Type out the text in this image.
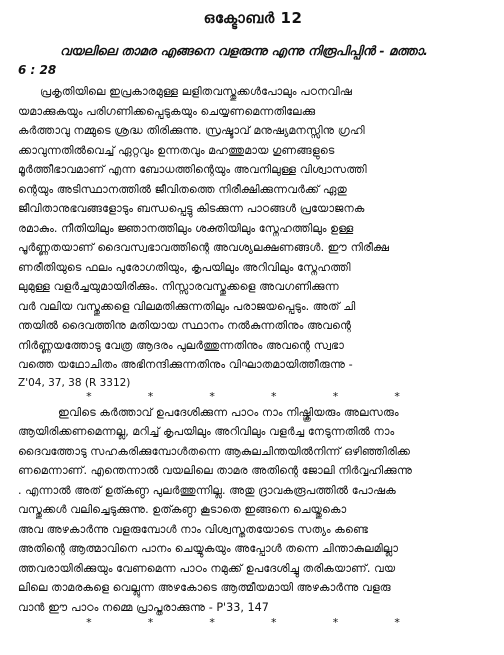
ഒക്ടോബർ 12
വയലിലെ താമര എങ്ങനെ വളരുന്നു എന്നു നിരൂപിപ്പിൻ - മത്താ.
6 : 28
പ്രകൃതിയിലെ ഇപ്രകാരമുള്ള ലളിതവസ്തുക്കൾപോലും പഠനവിഷ
യമാക്കുകയും പരിഗണിക്കപ്പെടുകയും ചെയ്യണമെന്നതിലേക്കു
കർത്താവു നമ്മുടെ ശ്രദ്ധ തിരിക്കുന്നു. സ്രഷ്ടാവ് മനുഷ്യമനസ്സിനു ഗ്രഹി
ക്കാവുന്നതിൽവെച്ച് ഏറ്റവും ഉന്നതവും മഹത്തുമായ ഗുണങ്ങളുടെ
മൂർത്തീഭാവമാണ് എന്ന ബോധത്തിന്റെയും അവനിലുള്ള വിശ്വാസത്തി
ന്റെയും അടിസ്ഥാനത്തിൽ ജീവിതത്തെ നിരീക്ഷിക്കുന്നവർക്ക് ഏതു
ജീവിതാനുഭവങ്ങളോടും ബന്ധപ്പെട്ടു കിടക്കുന്ന പാഠങ്ങൾ പ്രയോജനക
രമാകും. നീതിയിലും ജ്ഞാനത്തിലും ശക്തിയിലും സ്നേഹത്തിലും ഉള്ള
പൂർണ്ണതയാണ് ദൈവസ്വഭാവത്തിന്റെ അവശ്യലക്ഷണങ്ങൾ. ഈ നിരീക്ഷ
ണരീതിയുടെ ഫലം പുരോഗതിയും, കൃപയിലും അറിവിലും സ്നേഹത്തി
ലുമുള്ള വളർച്ചയുമായിരിക്കും. നിസ്സാരവസ്തുക്കളെ അവഗണിക്കുന്ന
വർ വലിയ വസ്തുക്കളെ വിലമതിക്കുന്നതിലും പരാജയപ്പെടും. അത് ചി
ന്തയിൽ ദൈവത്തിനു മതിയായ സ്ഥാനം നൽകുന്നതിനും അവന്റെ
നിർണ്ണയത്തോടു വേത്ര ആദരം പുലർത്തുന്നതിനും അവന്റെ സ്വഭാ
വത്തെ യഥോചിതം അഭിനന്ദിക്കുന്നതിനും വിഘാതമായിത്തീരുന്നു -
Z'04, 37, 38 (R 3312)
*	*	*	*	*	*
ഇവിടെ കർത്താവ് ഉപദേശിക്കുന്ന പാഠം നാം നിഷ്ക്രിയരും അലസരും
ആയിരിക്കണമെന്നല്ല, മറിച്ച് കൃപയിലും അറിവിലും വളർച്ച നേടുന്നതിൽ നാം
ദൈവത്തോടു സഹകരിക്കുമ്പോൾതന്നെ ആകുലചിന്തയിൽനിന്ന് ഒഴിഞ്ഞിരിക്ക
ണമെന്നാണ്. എന്തെന്നാൽ വയലിലെ താമര അതിന്റെ ജോലി നിർവ്വഹിക്കുന്നു
. എന്നാൽ അത് ഉത്കണ്ഠ പുലർത്തുന്നില്ല. അതു ദ്രാവകരൂപത്തിൽ പോഷക
വസ്തുക്കൾ വലിച്ചെടുക്കുന്നു. ഉത്കണ്ഠ കൂടാതെ ഇങ്ങനെ ചെയ്തുകൊ
അവ അഴകാർന്നു വളരുമ്പോൾ നാം വിശ്വസ്തതയോടെ സത്യം കണ്ടെ
അതിന്റെ ആത്മാവിനെ പാനം ചെയ്യുകയും അപ്പോൾ തന്നെ ചിന്താകുലമില്ലാ
ത്തവരായിരിക്കുയും വേണമെന്ന പാഠം നമുക്ക് ഉപദേശിച്ചു തരികയാണ്. വയ
ലിലെ താമരകളെ വെല്ലുന്ന അഴകോടെ ആത്മീയമായി അഴകാർന്നു വളരു
വാൻ ഈ പാഠം നമ്മെ പ്രാപ്തരാക്കുന്നു - P'33, 147
*	*	*	*	*	*
